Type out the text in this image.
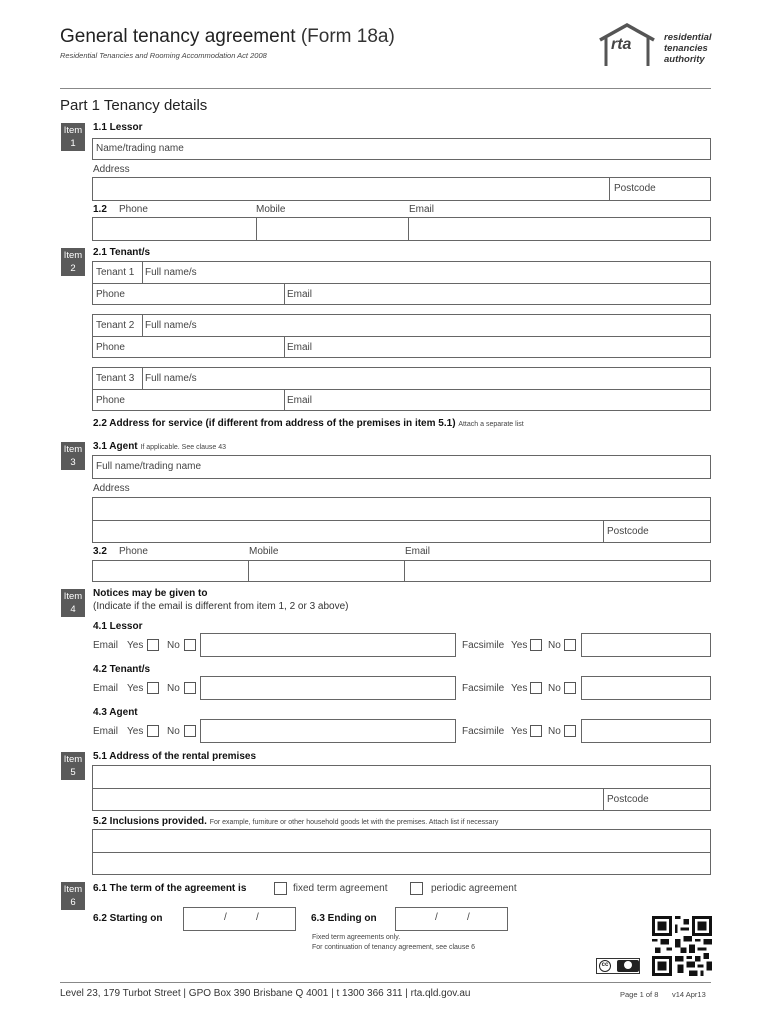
General tenancy agreement (Form 18a)
Residential Tenancies and Rooming Accommodation Act 2008
rta	residential
tenancies
authority
Part 1 Tenancy details
Item
1
1.1 Lessor
Name/trading name
Address
Postcode
1.2 Phone	Mobile	Email
Item
2
2.1 Tenant/s
Tenant 1 Full name/s
Phone	Email
Tenant 2 Full name/s
Phone	Email
Tenant 3 Full name/s
Phone	Email
2.2 Address for service (if different from address of the premises in item 5.1) Attach a separate list
Item
3
3.1 Agent If applicable. See clause 43
Full name/trading name
Address
Postcode
3.2 Phone	Mobile	Email
Item
4
Notices may be given to
(Indicate if the email is different from item 1, 2 or 3 above)
4.1 Lessor
Email Yes No	Facsimile Yes No
4.2 Tenant/s
Email Yes No	Facsimile Yes No
4.3 Agent
Email Yes No	Facsimile Yes No
Item
5
5.1 Address of the rental premises
Postcode
5.2 Inclusions provided. For example, furniture or other household goods let with the premises. Attach list if necessary
Item
6
6.1 The term of the agreement is	fixed term agreement	periodic agreement
6.2 Starting on	/	/	6.3 Ending on	/	/
Fixed term agreements only.
For continuation of tenancy agreement, see clause 6
cc
Level 23, 179 Turbot Street | GPO Box 390 Brisbane Q 4001 | t 1300 366 311 | rta.qld.gov.au	Page 1 of 8 v14 Apr13
